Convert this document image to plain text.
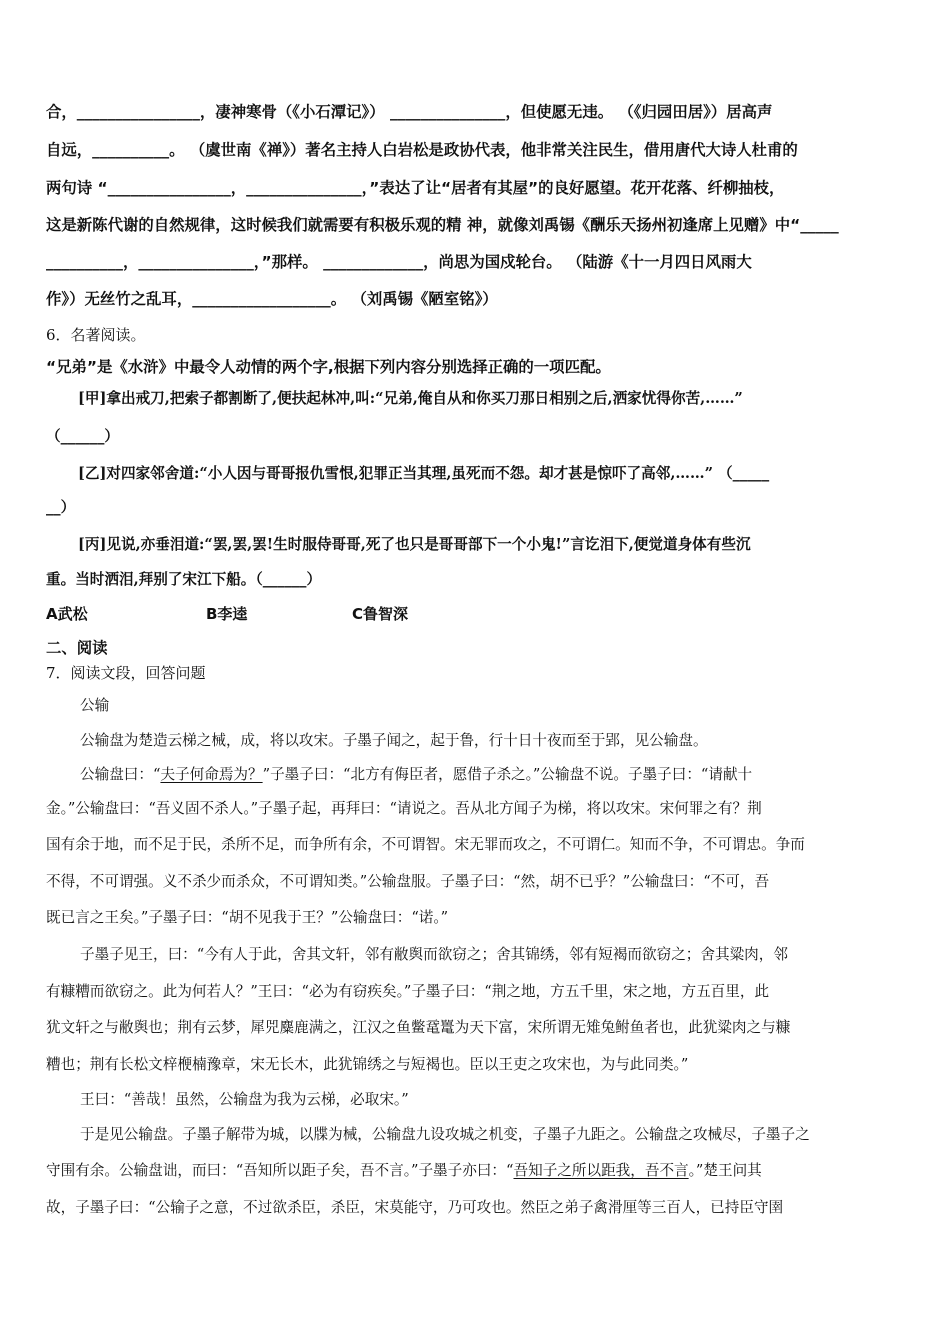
合，________________，凄神寒骨（《小石潭记》） _______________，但使愿无违。 （《归园田居》）居高声
自远，__________。 （虞世南《禅》）著名主持人白岩松是政协代表，他非常关注民生，借用唐代大诗人杜甫的
两句诗 “________________，_______________，”表达了让“居者有其屋”的良好愿望。花开花落、纤柳抽枝，
这是新陈代谢的自然规律，这时候我们就需要有积极乐观的精 神，就像刘禹锡《酬乐天扬州初逢席上见赠》中“_____
__________，_______________，”那样。 _____________，尚思为国戍轮台。 （陆游《十一月四日风雨大
作》）无丝竹之乱耳，__________________。 （刘禹锡《陋室铭》）
6．名著阅读。
“兄弟”是《水浒》中最令人动情的两个字,根据下列内容分别选择正确的一项匹配。
[甲]拿出戒刀,把索子都割断了,便扶起林冲,叫:“兄弟,俺自从和你买刀那日相别之后,洒家忧得你苦,……”
（______）
[乙]对四家邻舍道:“小人因与哥哥报仇雪恨,犯罪正当其理,虽死而不怨。却才甚是惊吓了高邻,……” （_____
__）
[丙]见说,亦垂泪道:“罢,罢,罢!生时服侍哥哥,死了也只是哥哥部下一个小鬼!”言讫泪下,便觉道身体有些沉
重。当时洒泪,拜别了宋江下船。（______）
A武松	B李逵	C鲁智深
二、阅读
7．阅读文段，回答问题
公输
公输盘为楚造云梯之械，成，将以攻宋。子墨子闻之，起于鲁，行十日十夜而至于郢，见公输盘。
公输盘曰：“夫子何命焉为？”子墨子曰：“北方有侮臣者，愿借子杀之。”公输盘不说。子墨子曰：“请献十
金。”公输盘曰：“吾义固不杀人。”子墨子起，再拜曰：“请说之。吾从北方闻子为梯，将以攻宋。宋何罪之有？荆
国有余于地，而不足于民，杀所不足，而争所有余，不可谓智。宋无罪而攻之，不可谓仁。知而不争，不可谓忠。争而
不得，不可谓强。义不杀少而杀众，不可谓知类。”公输盘服。子墨子曰：“然，胡不已乎？”公输盘曰：“不可，吾
既已言之王矣。”子墨子曰：“胡不见我于王？”公输盘曰：“诺。”
子墨子见王，曰：“今有人于此，舍其文轩，邻有敝舆而欲窃之；舍其锦绣，邻有短褐而欲窃之；舍其粱肉，邻
有糠糟而欲窃之。此为何若人？”王曰：“必为有窃疾矣。”子墨子曰：“荆之地，方五千里，宋之地，方五百里，此
犹文轩之与敝舆也；荆有云梦，犀兕麋鹿满之，江汉之鱼鳖鼋鼍为天下富，宋所谓无雉兔鲋鱼者也，此犹粱肉之与糠
糟也；荆有长松文梓楩楠豫章，宋无长木，此犹锦绣之与短褐也。臣以王吏之攻宋也，为与此同类。”
王曰：“善哉！虽然，公输盘为我为云梯，必取宋。”
于是见公输盘。子墨子解带为城，以牒为械，公输盘九设攻城之机变，子墨子九距之。公输盘之攻械尽，子墨子之
守围有余。公输盘诎，而曰：“吾知所以距子矣，吾不言。”子墨子亦曰：“吾知子之所以距我，吾不言。”楚王问其
故，子墨子曰：“公输子之意，不过欲杀臣，杀臣，宋莫能守，乃可攻也。然臣之弟子禽滑厘等三百人，已持臣守圉
